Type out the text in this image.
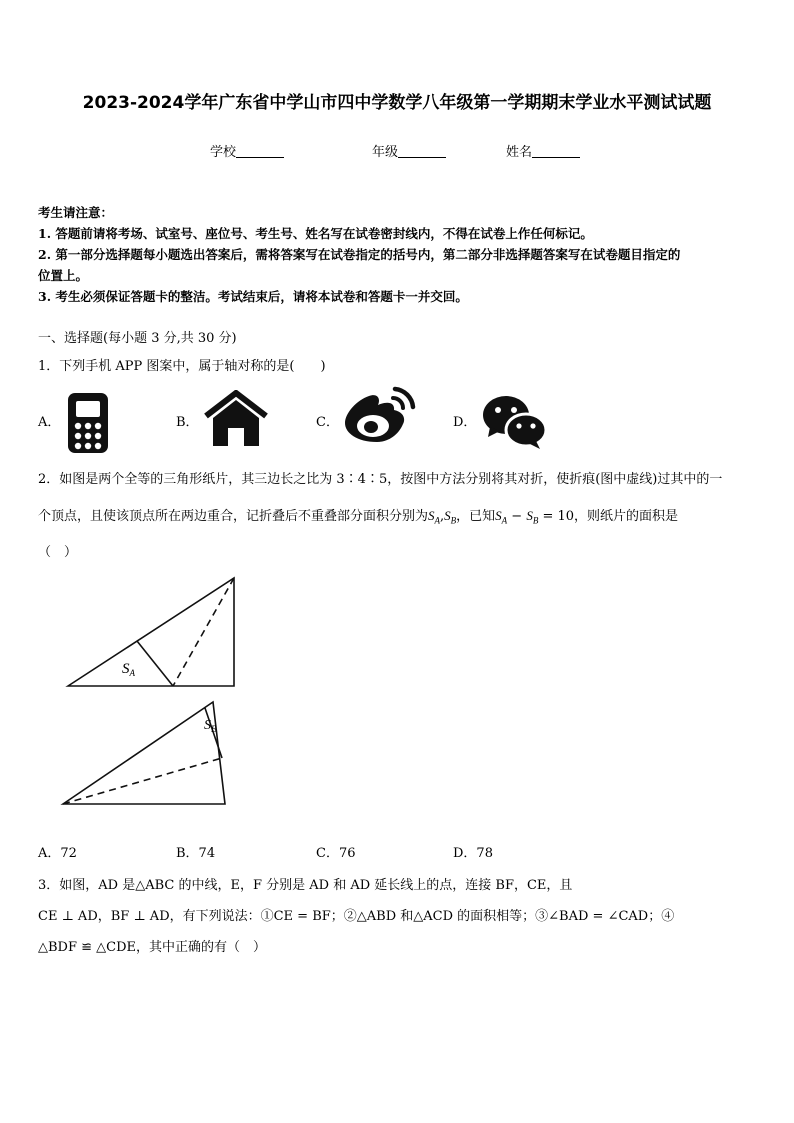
2023-2024学年广东省中学山市四中学数学八年级第一学期期末学业水平测试试题
学校	年级	姓名
考生请注意：
1. 答题前请将考场、试室号、座位号、考生号、姓名写在试卷密封线内，不得在试卷上作任何标记。
2. 第一部分选择题每小题选出答案后，需将答案写在试卷指定的括号内，第二部分非选择题答案写在试卷题目指定的
位置上。
3. 考生必须保证答题卡的整洁。考试结束后，请将本试卷和答题卡一并交回。
一、选择题(每小题 3 分,共 30 分)
1．下列手机 APP 图案中，属于轴对称的是(　　)
A．	B．	C．	D．
2．如图是两个全等的三角形纸片，其三边长之比为 3∶4∶5，按图中方法分别将其对折，使折痕(图中虚线)过其中的一
个顶点，且使该顶点所在两边重合，记折叠后不重叠部分面积分别为$S_A,S_B$，已知$S_A - S_B = 10$，则纸片的面积是
（　）
$S_A$
$S_B$
A．72	B．74	C．76	D．78
3．如图，AD 是△ABC 的中线，E，F 分别是 AD 和 AD 延长线上的点，连接 BF，CE，且
CE ⊥ AD，BF ⊥ AD，有下列说法：①CE = BF；②△ABD 和△ACD 的面积相等；③∠BAD = ∠CAD；④
△BDF ≌ △CDE，其中正确的有（　）
